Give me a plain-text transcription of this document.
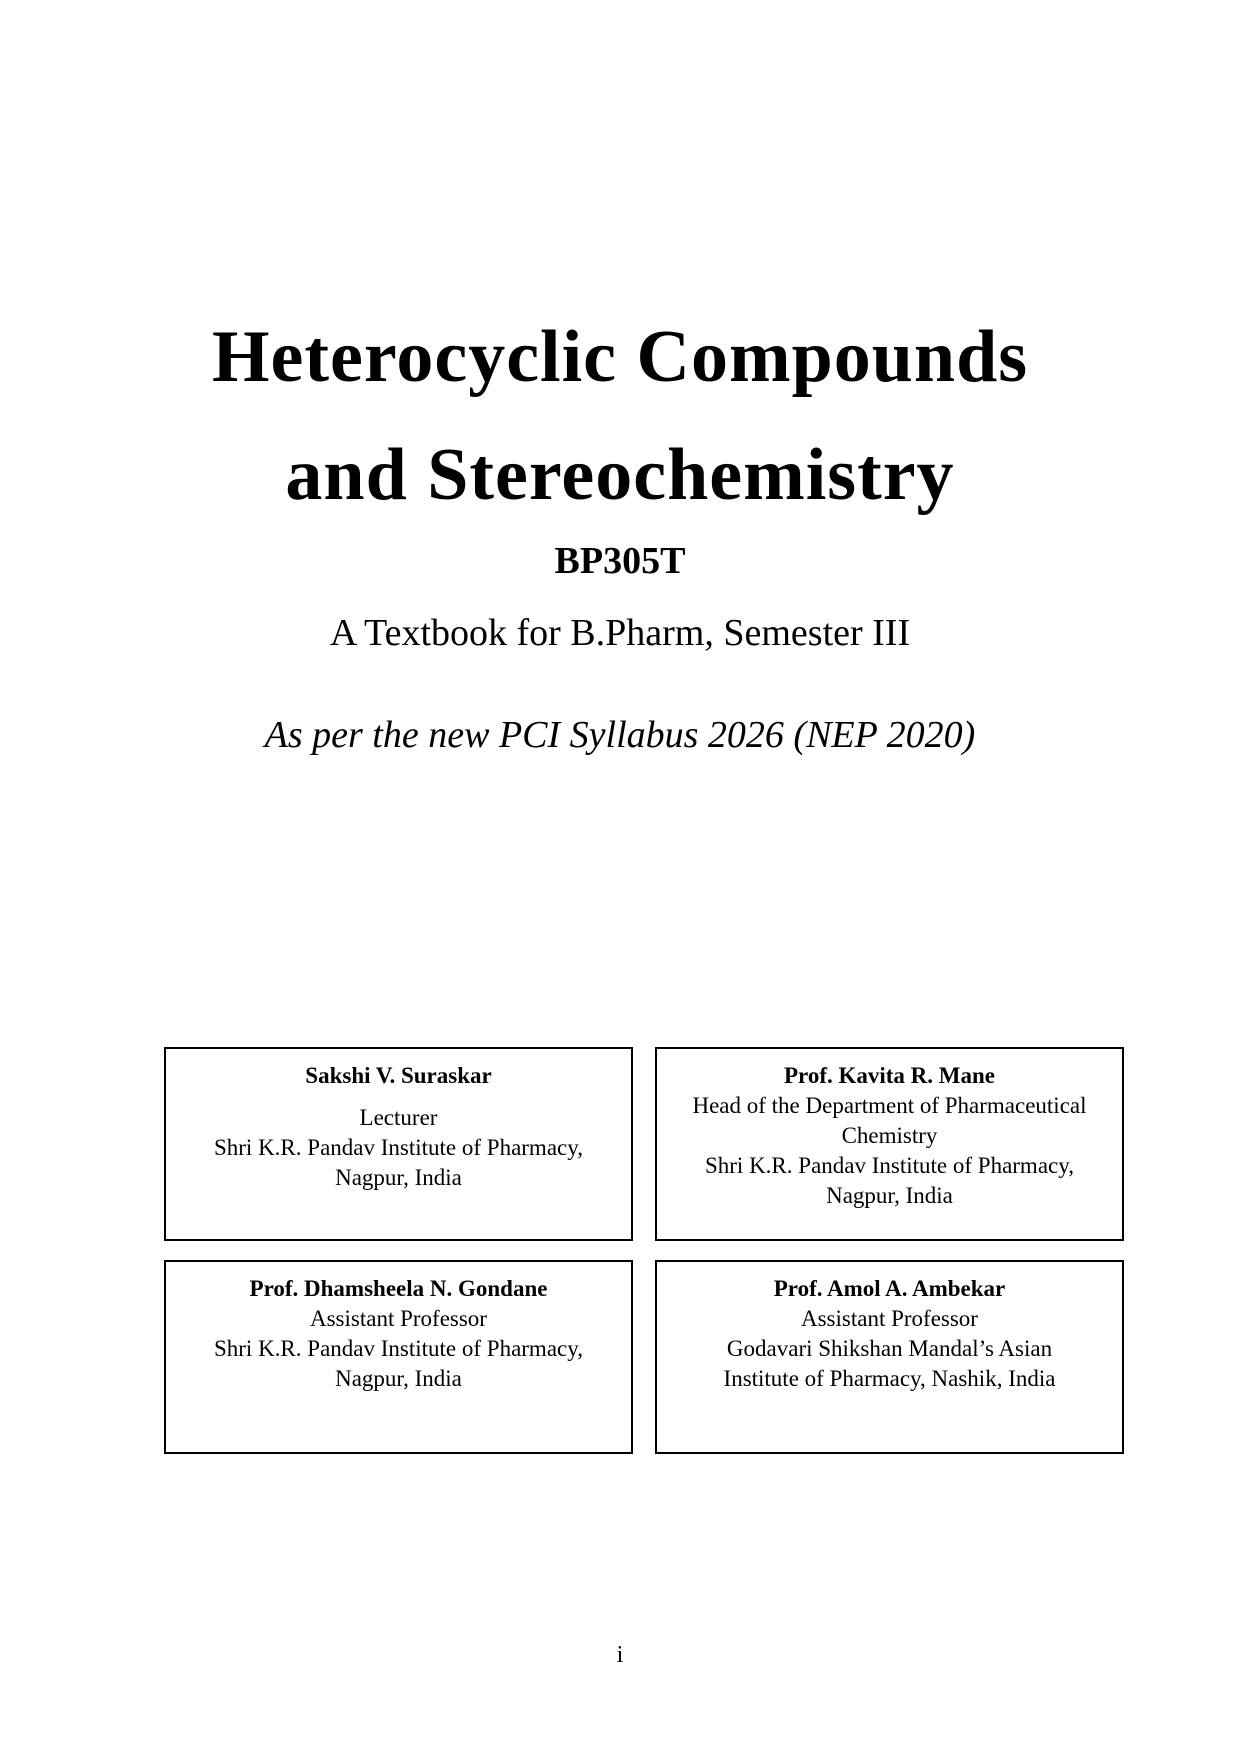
Heterocyclic Compounds
and Stereochemistry
BP305T
A Textbook for B.Pharm, Semester III
As per the new PCI Syllabus 2026 (NEP 2020)
Sakshi V. Suraskar
Lecturer
Shri K.R. Pandav Institute of Pharmacy,
Nagpur, India
Prof. Kavita R. Mane
Head of the Department of Pharmaceutical
Chemistry
Shri K.R. Pandav Institute of Pharmacy,
Nagpur, India
Prof. Dhamsheela N. Gondane
Assistant Professor
Shri K.R. Pandav Institute of Pharmacy,
Nagpur, India
Prof. Amol A. Ambekar
Assistant Professor
Godavari Shikshan Mandal’s Asian
Institute of Pharmacy, Nashik, India
i
